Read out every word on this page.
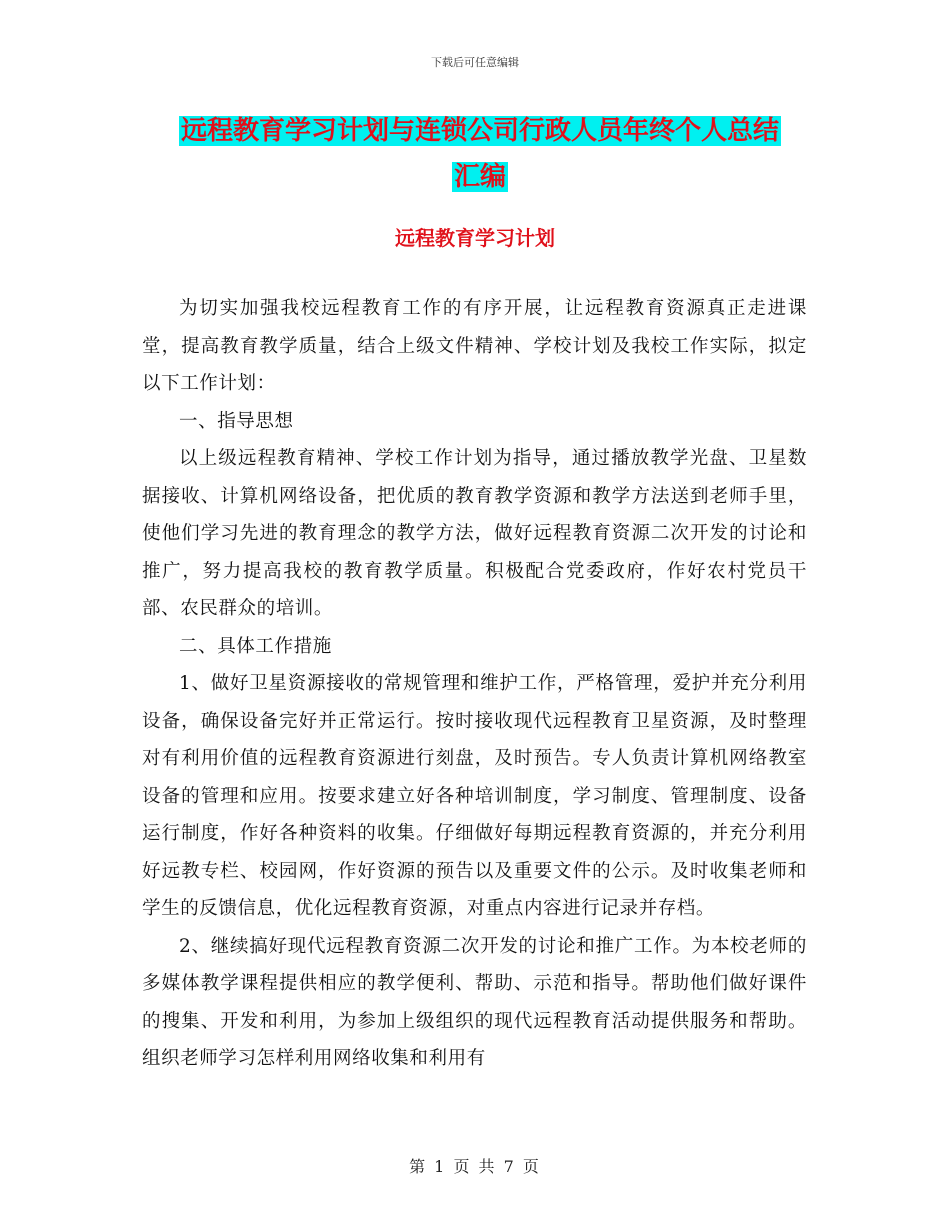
下载后可任意编辑
远程教育学习计划与连锁公司行政人员年终个人总结
汇编
远程教育学习计划

为切实加强我校远程教育工作的有序开展，让远程教育资源真正走进课堂，提高教育教学质量，结合上级文件精神、学校计划及我校工作实际，拟定以下工作计划：

一、指导思想

以上级远程教育精神、学校工作计划为指导，通过播放教学光盘、卫星数据接收、计算机网络设备，把优质的教育教学资源和教学方法送到老师手里，使他们学习先进的教育理念的教学方法，做好远程教育资源二次开发的讨论和推广，努力提高我校的教育教学质量。积极配合党委政府，作好农村党员干部、农民群众的培训。

二、具体工作措施

1、做好卫星资源接收的常规管理和维护工作，严格管理，爱护并充分利用设备，确保设备完好并正常运行。按时接收现代远程教育卫星资源，及时整理对有利用价值的远程教育资源进行刻盘，及时预告。专人负责计算机网络教室设备的管理和应用。按要求建立好各种培训制度，学习制度、管理制度、设备运行制度，作好各种资料的收集。仔细做好每期远程教育资源的，并充分利用好远教专栏、校园网，作好资源的预告以及重要文件的公示。及时收集老师和学生的反馈信息，优化远程教育资源，对重点内容进行记录并存档。

2、继续搞好现代远程教育资源二次开发的讨论和推广工作。为本校老师的多媒体教学课程提供相应的教学便利、帮助、示范和指导。帮助他们做好课件的搜集、开发和利用，为参加上级组织的现代远程教育活动提供服务和帮助。组织老师学习怎样利用网络收集和利用有

第 1 页 共 7 页
